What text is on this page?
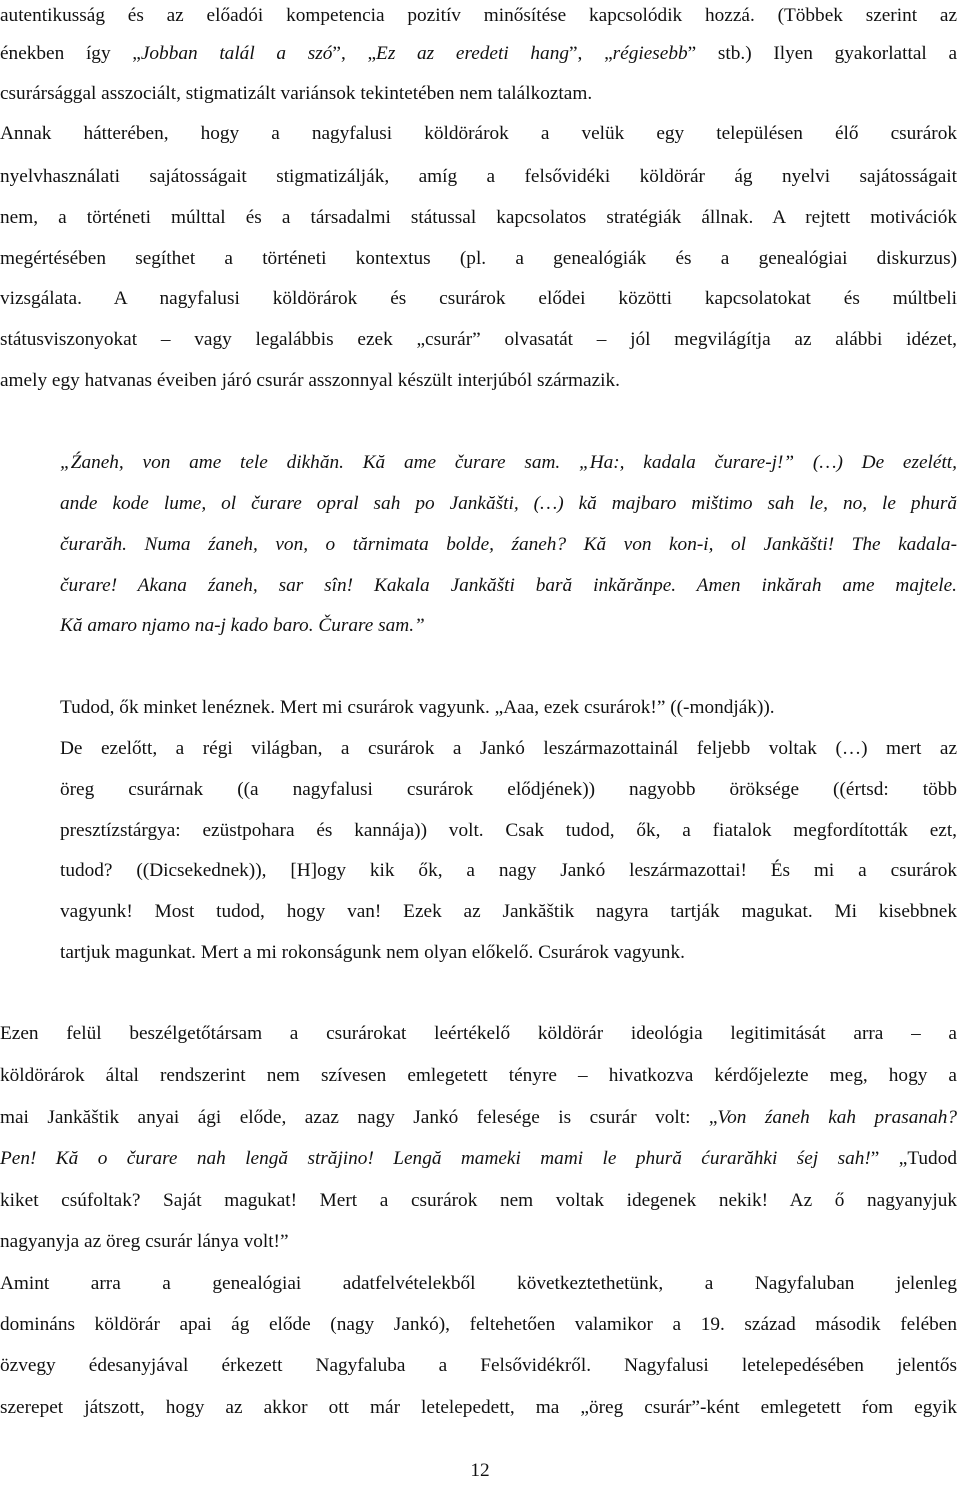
autentikusság és az előadói kompetencia pozitív minősítése kapcsolódik hozzá. (Többek szerint az
énekben így „Jobban talál a szó”, „Ez az eredeti hang”, „régiesebb” stb.) Ilyen gyakorlattal a
csurársággal asszociált, stigmatizált variánsok tekintetében nem találkoztam.
Annak hátterében, hogy a nagyfalusi köldörárok a velük egy településen élő csurárok
nyelvhasználati sajátosságait stigmatizálják, amíg a felsővidéki köldörár ág nyelvi sajátosságait
nem, a történeti múlttal és a társadalmi státussal kapcsolatos stratégiák állnak. A rejtett motivációk
megértésében segíthet a történeti kontextus (pl. a genealógiák és a genealógiai diskurzus)
vizsgálata. A nagyfalusi köldörárok és csurárok elődei közötti kapcsolatokat és múltbeli
státusviszonyokat – vagy legalábbis ezek „csurár” olvasatát – jól megvilágítja az alábbi idézet,
amely egy hatvanas éveiben járó csurár asszonnyal készült interjúból származik.
„Źaneh, von ame tele dikhăn. Kă ame čurare sam. „Ha:, kadala čurare-j!” (…) De ezelétt,
ande kode lume, ol čurare opral sah po Jankăšti, (…) kă majbaro mištimo sah le, no, le phură
čurarăh. Numa źaneh, von, o tărnimata bolde, źaneh? Kă von kon-i, ol Jankăšti! The kadala-
čurare! Akana źaneh, sar sîn! Kakala Jankăšti bară inkărănpe. Amen inkărah ame majtele.
Kă amaro njamo na-j kado baro. Čurare sam.”
Tudod, ők minket lenéznek. Mert mi csurárok vagyunk. „Aaa, ezek csurárok!” ((-mondják)).
De ezelőtt, a régi világban, a csurárok a Jankó leszármazottainál feljebb voltak (…) mert az
öreg csurárnak ((a nagyfalusi csurárok elődjének)) nagyobb öröksége ((értsd: több
presztízstárgya: ezüstpohara és kannája)) volt. Csak tudod, ők, a fiatalok megfordították ezt,
tudod? ((Dicsekednek)), [H]ogy kik ők, a nagy Jankó leszármazottai! És mi a csurárok
vagyunk! Most tudod, hogy van! Ezek az Jankăštik nagyra tartják magukat. Mi kisebbnek
tartjuk magunkat. Mert a mi rokonságunk nem olyan előkelő. Csurárok vagyunk.
Ezen felül beszélgetőtársam a csurárokat leértékelő köldörár ideológia legitimitását arra – a
köldörárok által rendszerint nem szívesen emlegetett tényre – hivatkozva kérdőjelezte meg, hogy a
mai Jankăštik anyai ági elődе, azaz nagy Jankó felesége is csurár volt: „Von źaneh kah prasanah?
Pen! Kă o čurare nah lengă străjino! Lengă mameki mami le phură ćurarăhki śej sah!” „Tudod
kiket csúfoltak? Saját magukat! Mert a csurárok nem voltak idegenek nekik! Az ő nagyanyjuk
nagyanyja az öreg csurár lánya volt!”
Amint arra a genealógiai adatfelvételekből következtethetünk, a Nagyfaluban jelenleg
domináns köldörár apai ág elődе (nagy Jankó), feltehetően valamikor a 19. század második felében
özvegy édesanyjával érkezett Nagyfaluba a Felsővidékről. Nagyfalusi letelepedésében jelentős
szerepet játszott, hogy az akkor ott már letelepedett, ma „öreg csurár”-ként emlegetett ŕom egyik
12
